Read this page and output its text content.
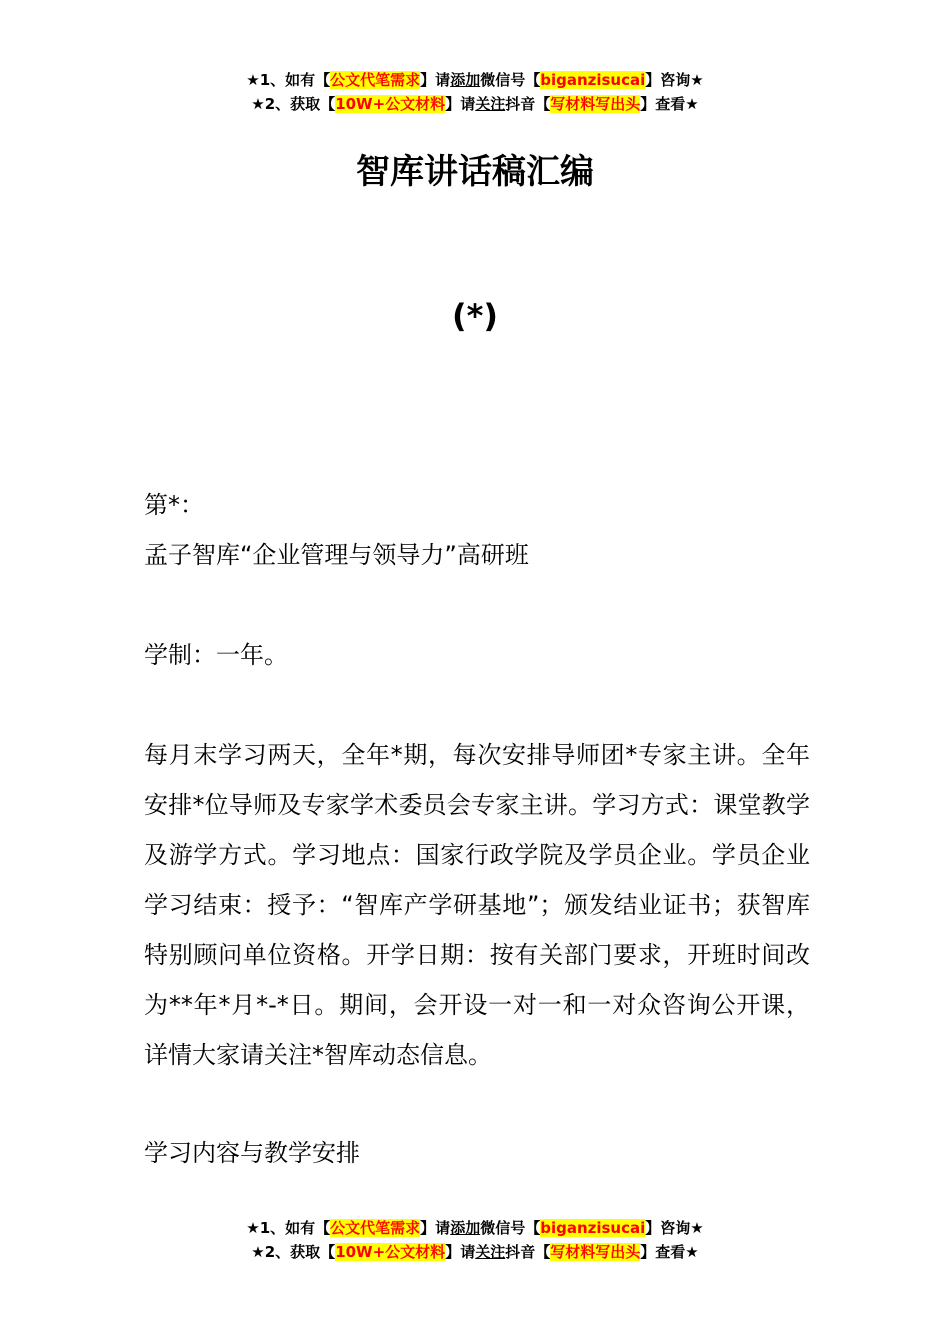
★1、如有【公文代笔需求】请添加微信号【biganzisucai】咨询★
★2、获取【10W+公文材料】请关注抖音【写材料写出头】查看★
智库讲话稿汇编
(*)

第*：

孟子智库“企业管理与领导力”高研班

学制：一年。

每月末学习两天，全年*期，每次安排导师团*专家主讲。全年安排*位导师及专家学术委员会专家主讲。学习方式：课堂教学及游学方式。学习地点：国家行政学院及学员企业。学员企业学习结束：授予：“智库产学研基地”；颁发结业证书；获智库特别顾问单位资格。开学日期：按有关部门要求，开班时间改为**年*月*-*日。期间，会开设一对一和一对众咨询公开课，详情大家请关注*智库动态信息。

学习内容与教学安排

★1、如有【公文代笔需求】请添加微信号【biganzisucai】咨询★
★2、获取【10W+公文材料】请关注抖音【写材料写出头】查看★
